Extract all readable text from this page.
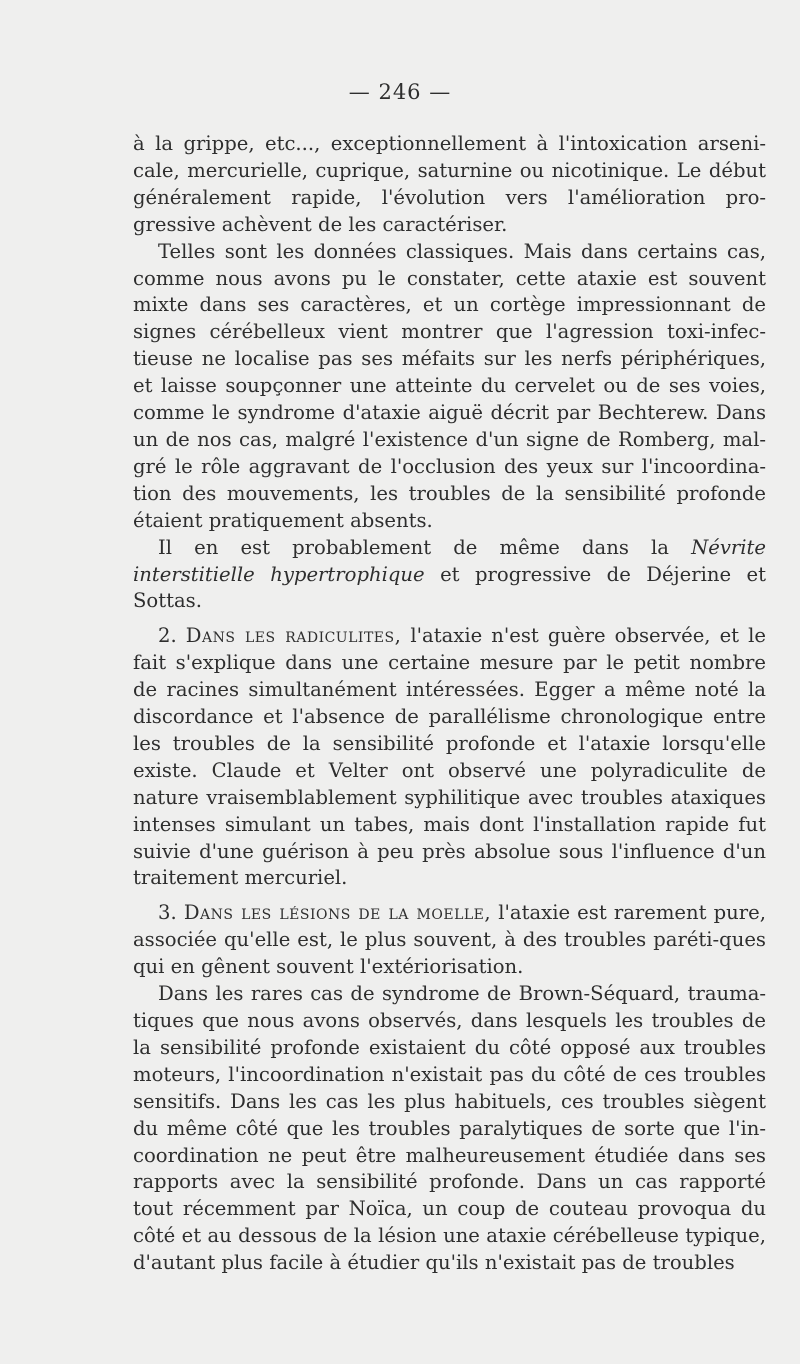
— 246 —

à la grippe, etc..., exceptionnellement à l'intoxication arseni-cale, mercurielle, cuprique, saturnine ou nicotinique. Le début généralement rapide, l'évolution vers l'amélioration pro-gressive achèvent de les caractériser.

Telles sont les données classiques. Mais dans certains cas, comme nous avons pu le constater, cette ataxie est souvent mixte dans ses caractères, et un cortège impressionnant de signes cérébelleux vient montrer que l'agression toxi-infec-tieuse ne localise pas ses méfaits sur les nerfs périphériques, et laisse soupçonner une atteinte du cervelet ou de ses voies, comme le syndrome d'ataxie aiguë décrit par Bechterew. Dans un de nos cas, malgré l'existence d'un signe de Romberg, mal-gré le rôle aggravant de l'occlusion des yeux sur l'incoordina-tion des mouvements, les troubles de la sensibilité profonde étaient pratiquement absents.

Il en est probablement de même dans la Névrite interstitielle hypertrophique et progressive de Déjerine et Sottas.

2. Dans les radiculites, l'ataxie n'est guère observée, et le fait s'explique dans une certaine mesure par le petit nombre de racines simultanément intéressées. Egger a même noté la discordance et l'absence de parallélisme chronologique entre les troubles de la sensibilité profonde et l'ataxie lorsqu'elle existe. Claude et Velter ont observé une polyradiculite de nature vraisemblablement syphilitique avec troubles ataxiques intenses simulant un tabes, mais dont l'installation rapide fut suivie d'une guérison à peu près absolue sous l'influence d'un traitement mercuriel.

3. Dans les lésions de la moelle, l'ataxie est rarement pure, associée qu'elle est, le plus souvent, à des troubles paréti-ques qui en gênent souvent l'extériorisation.

Dans les rares cas de syndrome de Brown-Séquard, trauma-tiques que nous avons observés, dans lesquels les troubles de la sensibilité profonde existaient du côté opposé aux troubles moteurs, l'incoordination n'existait pas du côté de ces troubles sensitifs. Dans les cas les plus habituels, ces troubles siègent du même côté que les troubles paralytiques de sorte que l'in-coordination ne peut être malheureusement étudiée dans ses rapports avec la sensibilité profonde. Dans un cas rapporté tout récemment par Noïca, un coup de couteau provoqua du côté et au dessous de la lésion une ataxie cérébelleuse typique, d'autant plus facile à étudier qu'ils n'existait pas de troubles
